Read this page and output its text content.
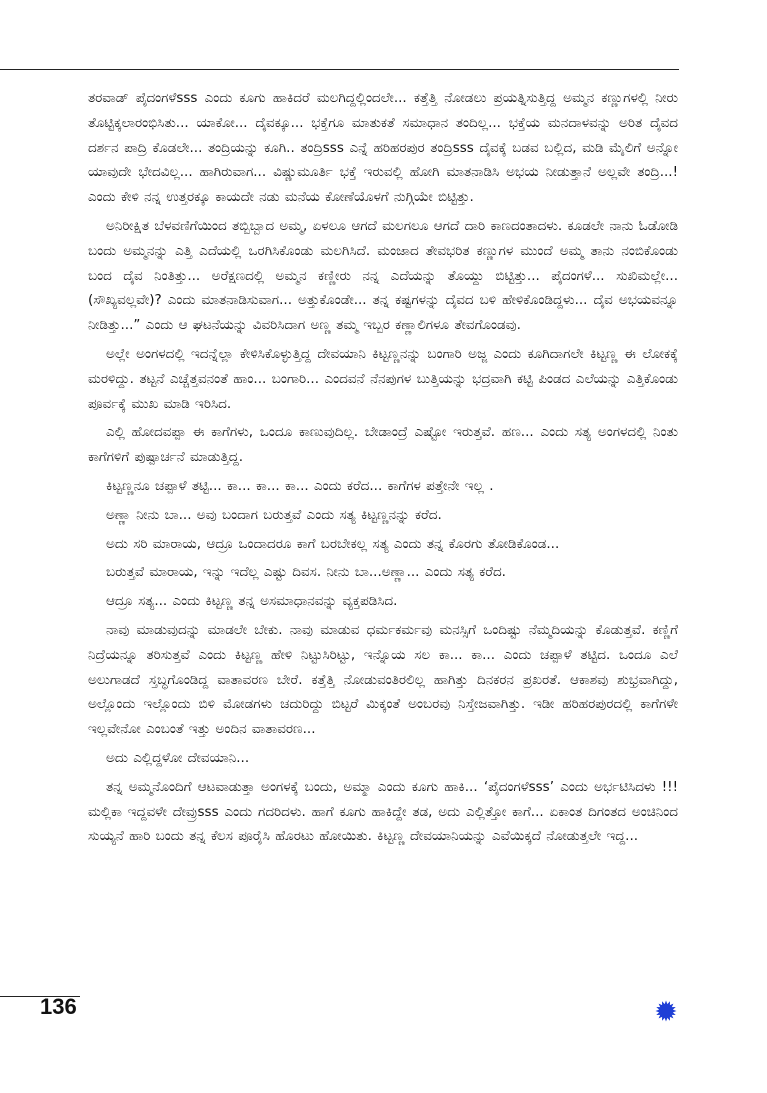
ತರವಾಡ್ ಪೈದಂಗಳೆsss ಎಂದು ಕೂಗು ಹಾಕಿದರೆ ಮಲಗಿದ್ದಲ್ಲಿಂದಲೇ... ಕತ್ತೆತ್ತಿ ನೋಡಲು ಪ್ರಯತ್ನಿಸುತ್ತಿದ್ದ ಅಮ್ಮನ ಕಣ್ಣುಗಳಲ್ಲಿ ನೀರು ತೊಟ್ಟಿಕ್ಕಲಾರಂಭಿಸಿತು... ಯಾಕೋ... ದೈವಕ್ಕೂ... ಭಕ್ತೆಗೂ ಮಾತುಕತೆ ಸಮಾಧಾನ ತಂದಿಲ್ಲ... ಭಕ್ತೆಯ ಮನದಾಳವನ್ನು ಅರಿತ ದೈವದ ದರ್ಶನ ಪಾದ್ರಿ ಕೊಡಲೇ... ತಂದ್ರಿಯನ್ನು ಕೂಗಿ.. ತಂದ್ರಿsss ಎನ್ನೆ ಹರಿಹರಪುರ ತಂದ್ರಿsss ದೈವಕ್ಕೆ ಬಡವ ಬಲ್ಲಿದ, ಮಡಿ ಮೈಲಿಗೆ ಅನ್ನೋ ಯಾವುದೇ ಭೇದವಿಲ್ಲ... ಹಾಗಿರುವಾಗ... ವಿಷ್ಣುಮೂರ್ತಿ ಭಕ್ತೆ ಇರುವಲ್ಲಿ ಹೋಗಿ ಮಾತನಾಡಿಸಿ ಅಭಯ ನೀಡುತ್ತಾನೆ ಅಲ್ಲವೇ ತಂದ್ರಿ...! ಎಂದು ಕೇಳಿ ನನ್ನ ಉತ್ತರಕ್ಕೂ ಕಾಯದೇ ನಡು ಮನೆಯ ಕೋಣೆಯೊಳಗೆ ನುಗ್ಗಿಯೇ ಬಿಟ್ಟಿತ್ತು.

ಅನಿರೀಕ್ಷಿತ ಬೆಳವಣಿಗೆಯಿಂದ ತಬ್ಬಿಬ್ಬಾದ ಅಮ್ಮ, ಏಳಲೂ ಆಗದೆ ಮಲಗಲೂ ಆಗದೆ ದಾರಿ ಕಾಣದಂತಾದಳು. ಕೂಡಲೇ ನಾನು ಓಡೋಡಿ ಬಂದು ಅಮ್ಮನನ್ನು ಎತ್ತಿ ಎದೆಯಲ್ಲಿ ಒರಗಿಸಿಕೊಂಡು ಮಲಗಿಸಿದೆ. ಮಂಜಾದ ತೇವಭರಿತ ಕಣ್ಣುಗಳ ಮುಂದೆ ಅಮ್ಮ ತಾನು ನಂಬಿಕೊಂಡು ಬಂದ ದೈವ ನಿಂತಿತ್ತು... ಅರೆಕ್ಷಣದಲ್ಲಿ ಅಮ್ಮನ ಕಣ್ಣೀರು ನನ್ನ ಎದೆಯನ್ನು ತೊಯ್ದು ಬಿಟ್ಟಿತ್ತು... ಪೈದಂಗಳೆ... ಸುಖಿಮಲ್ಲೇ... (ಸೌಖ್ಯವಲ್ಲವೇ)? ಎಂದು ಮಾತನಾಡಿಸುವಾಗ... ಅತ್ತುಕೊಂಡೇ... ತನ್ನ ಕಷ್ಟಗಳನ್ನು ದೈವದ ಬಳಿ ಹೇಳಿಕೊಂಡಿದ್ದಳು... ದೈವ ಅಭಯವನ್ನೂ ನೀಡಿತ್ತು...” ಎಂದು ಆ ಘಟನೆಯನ್ನು ವಿವರಿಸಿದಾಗ ಅಣ್ಣ ತಮ್ಮ ಇಬ್ಬರ ಕಣ್ಣಾಲಿಗಳೂ ತೇವಗೊಂಡವು.

ಅಲ್ಲೇ ಅಂಗಳದಲ್ಲಿ ಇದನ್ನೆಲ್ಲಾ ಕೇಳಿಸಿಕೊಳ್ಳುತ್ತಿದ್ದ ದೇವಯಾನಿ ಕಿಟ್ಟಣ್ಣನನ್ನು ಬಂಗಾರಿ ಅಜ್ಜ ಎಂದು ಕೂಗಿದಾಗಲೇ ಕಿಟ್ಟಣ್ಣ ಈ ಲೋಕಕ್ಕೆ ಮರಳಿದ್ದು. ತಟ್ಟನೆ ಎಚ್ಚೆತ್ತವನಂತೆ ಹಾಂ... ಬಂಗಾರಿ... ಎಂದವನೆ ನೆನಪುಗಳ ಬುತ್ತಿಯನ್ನು ಭದ್ರವಾಗಿ ಕಟ್ಟಿ ಪಿಂಡದ ಎಲೆಯನ್ನು ಎತ್ತಿಕೊಂಡು ಪೂರ್ವಕ್ಕೆ ಮುಖ ಮಾಡಿ ಇರಿಸಿದ.

ಎಲ್ಲಿ ಹೋದವಪ್ಪಾ ಈ ಕಾಗೆಗಳು, ಒಂದೂ ಕಾಣುವುದಿಲ್ಲ. ಬೇಡಾಂದ್ರೆ ಎಷ್ಟೋ ಇರುತ್ತವೆ. ಹಣ... ಎಂದು ಸತ್ಯ ಅಂಗಳದಲ್ಲಿ ನಿಂತು ಕಾಗೆಗಳಿಗೆ ಪುಷ್ಪಾರ್ಚನೆ ಮಾಡುತ್ತಿದ್ದ.

ಕಿಟ್ಟಣ್ಣನೂ ಚಪ್ಪಾಳೆ ತಟ್ಟಿ... ಕಾ... ಕಾ... ಕಾ... ಎಂದು ಕರೆದ... ಕಾಗೆಗಳ ಪತ್ತೇನೇ ಇಲ್ಲ .

ಅಣ್ಣಾ ನೀನು ಬಾ... ಅವು ಬಂದಾಗ ಬರುತ್ತವೆ ಎಂದು ಸತ್ಯ ಕಿಟ್ಟಣ್ಣನನ್ನು ಕರೆದ.

ಅದು ಸರಿ ಮಾರಾಯ, ಆದ್ರೂ ಒಂದಾದರೂ ಕಾಗೆ ಬರಬೇಕಲ್ಲ ಸತ್ಯ ಎಂದು ತನ್ನ ಕೊರಗು ತೋಡಿಕೊಂಡ...

ಬರುತ್ತವೆ ಮಾರಾಯ, ಇನ್ನು ಇದೆಲ್ಲ ಎಷ್ಟು ದಿವಸ. ನೀನು ಬಾ...ಅಣ್ಣಾ... ಎಂದು ಸತ್ಯ ಕರೆದ.

ಆದ್ರೂ ಸತ್ಯ... ಎಂದು ಕಿಟ್ಟಣ್ಣ ತನ್ನ ಅಸಮಾಧಾನವನ್ನು ವ್ಯಕ್ತಪಡಿಸಿದ.

ನಾವು ಮಾಡುವುದನ್ನು ಮಾಡಲೇ ಬೇಕು. ನಾವು ಮಾಡುವ ಧರ್ಮಕರ್ಮವು ಮನಸ್ಸಿಗೆ ಒಂದಿಷ್ಟು ನೆಮ್ಮದಿಯನ್ನು ಕೊಡುತ್ತವೆ. ಕಣ್ಣಿಗೆ ನಿದ್ರೆಯನ್ನೂ ತರಿಸುತ್ತವೆ ಎಂದು ಕಿಟ್ಟಣ್ಣ ಹೇಳಿ ನಿಟ್ಟುಸಿರಿಟ್ಟು, ಇನ್ನೊಯ ಸಲ ಕಾ... ಕಾ... ಎಂದು ಚಪ್ಪಾಳೆ ತಟ್ಟಿದ. ಒಂದೂ ಎಲೆ ಅಲುಗಾಡದೆ ಸ್ತಬ್ಧಗೊಂಡಿದ್ದ ವಾತಾವರಣ ಬೇರೆ. ಕತ್ತೆತ್ತಿ ನೋಡುವಂತಿರಲಿಲ್ಲ ಹಾಗಿತ್ತು ದಿನಕರನ ಪ್ರಖರತೆ. ಆಕಾಶವು ಶುಭ್ರವಾಗಿದ್ದು, ಅಲ್ಲೊಂದು ಇಲ್ಲೊಂದು ಬಿಳಿ ಮೋಡಗಳು ಚದುರಿದ್ದು ಬಿಟ್ಟರೆ ಮಿಕ್ಕಂತೆ ಅಂಬರವು ನಿಸ್ತೇಜವಾಗಿತ್ತು. ಇಡೀ ಹರಿಹರಪುರದಲ್ಲಿ ಕಾಗೆಗಳೇ ಇಲ್ಲವೇನೋ ಎಂಬಂತೆ ಇತ್ತು ಅಂದಿನ ವಾತಾವರಣ...

ಅದು ಎಲ್ಲಿದ್ದಳೋ ದೇವಯಾನಿ...

ತನ್ನ ಅಮ್ಮನೊಂದಿಗೆ ಆಟವಾಡುತ್ತಾ ಅಂಗಳಕ್ಕೆ ಬಂದು, ಅಮ್ಮಾ ಎಂದು ಕೂಗು ಹಾಕಿ... ‘ಪೈದಂಗಳೆsss’ ಎಂದು ಅರ್ಭಟಿಸಿದಳು !!! ಮಲ್ಲಿಕಾ ಇದ್ದವಳೇ ದೇವ್ರುsss ಎಂದು ಗದರಿದಳು. ಹಾಗೆ ಕೂಗು ಹಾಕಿದ್ದೇ ತಡ, ಅದು ಎಲ್ಲಿತ್ತೋ ಕಾಗೆ... ಏಕಾಂತ ದಿಗಂತದ ಅಂಚಿನಿಂದ ಸುಯ್ಯನೆ ಹಾರಿ ಬಂದು ತನ್ನ ಕೆಲಸ ಪೂರೈಸಿ ಹೊರಟು ಹೋಯಿತು. ಕಿಟ್ಟಣ್ಣ ದೇವಯಾನಿಯನ್ನು ಎವೆಯಿಕ್ಕದೆ ನೋಡುತ್ತಲೇ ಇದ್ದ...

136
